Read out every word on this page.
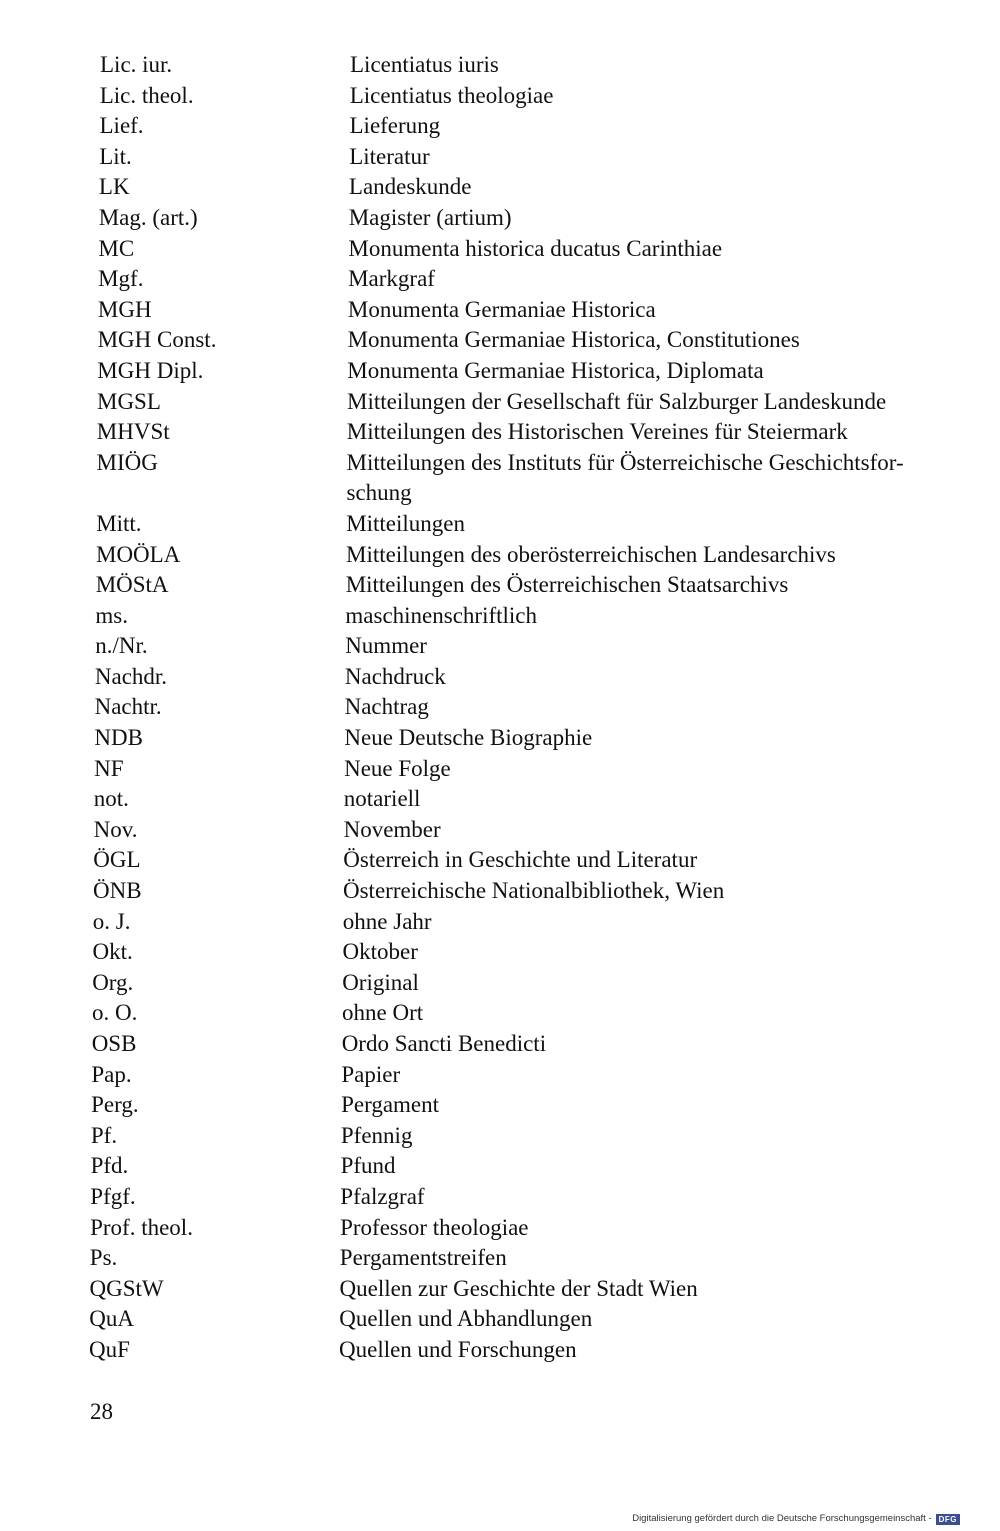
Lic. iur.	Licentiatus iuris
Lic. theol.	Licentiatus theologiae
Lief.	Lieferung
Lit.	Literatur
LK	Landeskunde
Mag. (art.)	Magister (artium)
MC	Monumenta historica ducatus Carinthiae
Mgf.	Markgraf
MGH	Monumenta Germaniae Historica
MGH Const.	Monumenta Germaniae Historica, Constitutiones
MGH Dipl.	Monumenta Germaniae Historica, Diplomata
MGSL	Mitteilungen der Gesellschaft für Salzburger Landeskunde
MHVSt	Mitteilungen des Historischen Vereines für Steiermark
MIÖG	Mitteilungen des Instituts für Österreichische Geschichtsfor-
schung
Mitt.	Mitteilungen
MOÖLA	Mitteilungen des oberösterreichischen Landesarchivs
MÖStA	Mitteilungen des Österreichischen Staatsarchivs
ms.	maschinenschriftlich
n./Nr.	Nummer
Nachdr.	Nachdruck
Nachtr.	Nachtrag
NDB	Neue Deutsche Biographie
NF	Neue Folge
not.	notariell
Nov.	November
ÖGL	Österreich in Geschichte und Literatur
ÖNB	Österreichische Nationalbibliothek, Wien
o. J.	ohne Jahr
Okt.	Oktober
Org.	Original
o. O.	ohne Ort
OSB	Ordo Sancti Benedicti
Pap.	Papier
Perg.	Pergament
Pf.	Pfennig
Pfd.	Pfund
Pfgf.	Pfalzgraf
Prof. theol.	Professor theologiae
Ps.	Pergamentstreifen
QGStW	Quellen zur Geschichte der Stadt Wien
QuA	Quellen und Abhandlungen
QuF	Quellen und Forschungen
28
Digitalisierung gefördert durch die Deutsche Forschungsgemeinschaft - DFG
